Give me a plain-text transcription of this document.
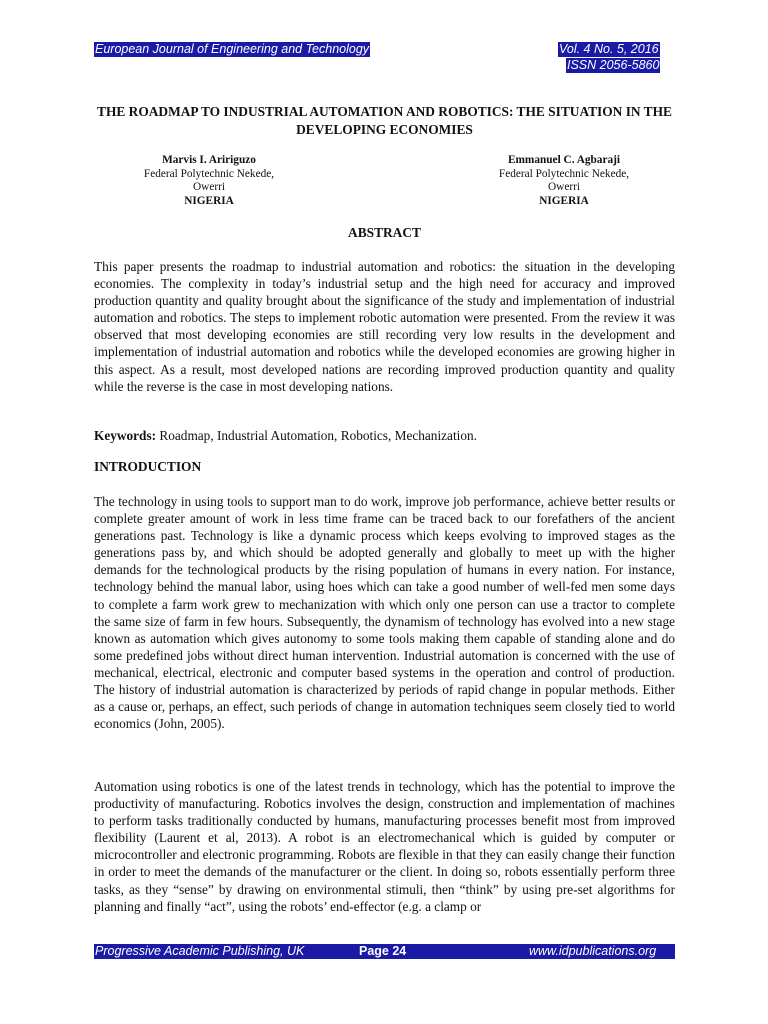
European Journal of Engineering and Technology	Vol. 4 No. 5, 2016
ISSN 2056-5860
THE ROADMAP TO INDUSTRIAL AUTOMATION AND ROBOTICS: THE SITUATION IN THE DEVELOPING ECONOMIES
Marvis I. Aririguzo
Federal Polytechnic Nekede,
Owerri
NIGERIA
Emmanuel C. Agbaraji
Federal Polytechnic Nekede,
Owerri
NIGERIA
ABSTRACT
This paper presents the roadmap to industrial automation and robotics: the situation in the developing economies. The complexity in today’s industrial setup and the high need for accuracy and improved production quantity and quality brought about the significance of the study and implementation of industrial automation and robotics. The steps to implement robotic automation were presented. From the review it was observed that most developing economies are still recording very low results in the development and implementation of industrial automation and robotics while the developed economies are growing higher in this aspect. As a result, most developed nations are recording improved production quantity and quality while the reverse is the case in most developing nations.
Keywords: Roadmap, Industrial Automation, Robotics, Mechanization.
INTRODUCTION
The technology in using tools to support man to do work, improve job performance, achieve better results or complete greater amount of work in less time frame can be traced back to our forefathers of the ancient generations past. Technology is like a dynamic process which keeps evolving to improved stages as the generations pass by, and which should be adopted generally and globally to meet up with the higher demands for the technological products by the rising population of humans in every nation. For instance, technology behind the manual labor, using hoes which can take a good number of well-fed men some days to complete a farm work grew to mechanization with which only one person can use a tractor to complete the same size of farm in few hours. Subsequently, the dynamism of technology has evolved into a new stage known as automation which gives autonomy to some tools making them capable of standing alone and do some predefined jobs without direct human intervention. Industrial automation is concerned with the use of mechanical, electrical, electronic and computer based systems in the operation and control of production. The history of industrial automation is characterized by periods of rapid change in popular methods. Either as a cause or, perhaps, an effect, such periods of change in automation techniques seem closely tied to world economics (John, 2005).
Automation using robotics is one of the latest trends in technology, which has the potential to improve the productivity of manufacturing. Robotics involves the design, construction and implementation of machines to perform tasks traditionally conducted by humans, manufacturing processes benefit most from improved flexibility (Laurent et al, 2013). A robot is an electromechanical which is guided by computer or microcontroller and electronic programming. Robots are flexible in that they can easily change their function in order to meet the demands of the manufacturer or the client. In doing so, robots essentially perform three tasks, as they “sense” by drawing on environmental stimuli, then “think” by using pre-set algorithms for planning and finally “act”, using the robots’ end-effector (e.g. a clamp or
Progressive Academic Publishing, UK	Page 24	www.idpublications.org
